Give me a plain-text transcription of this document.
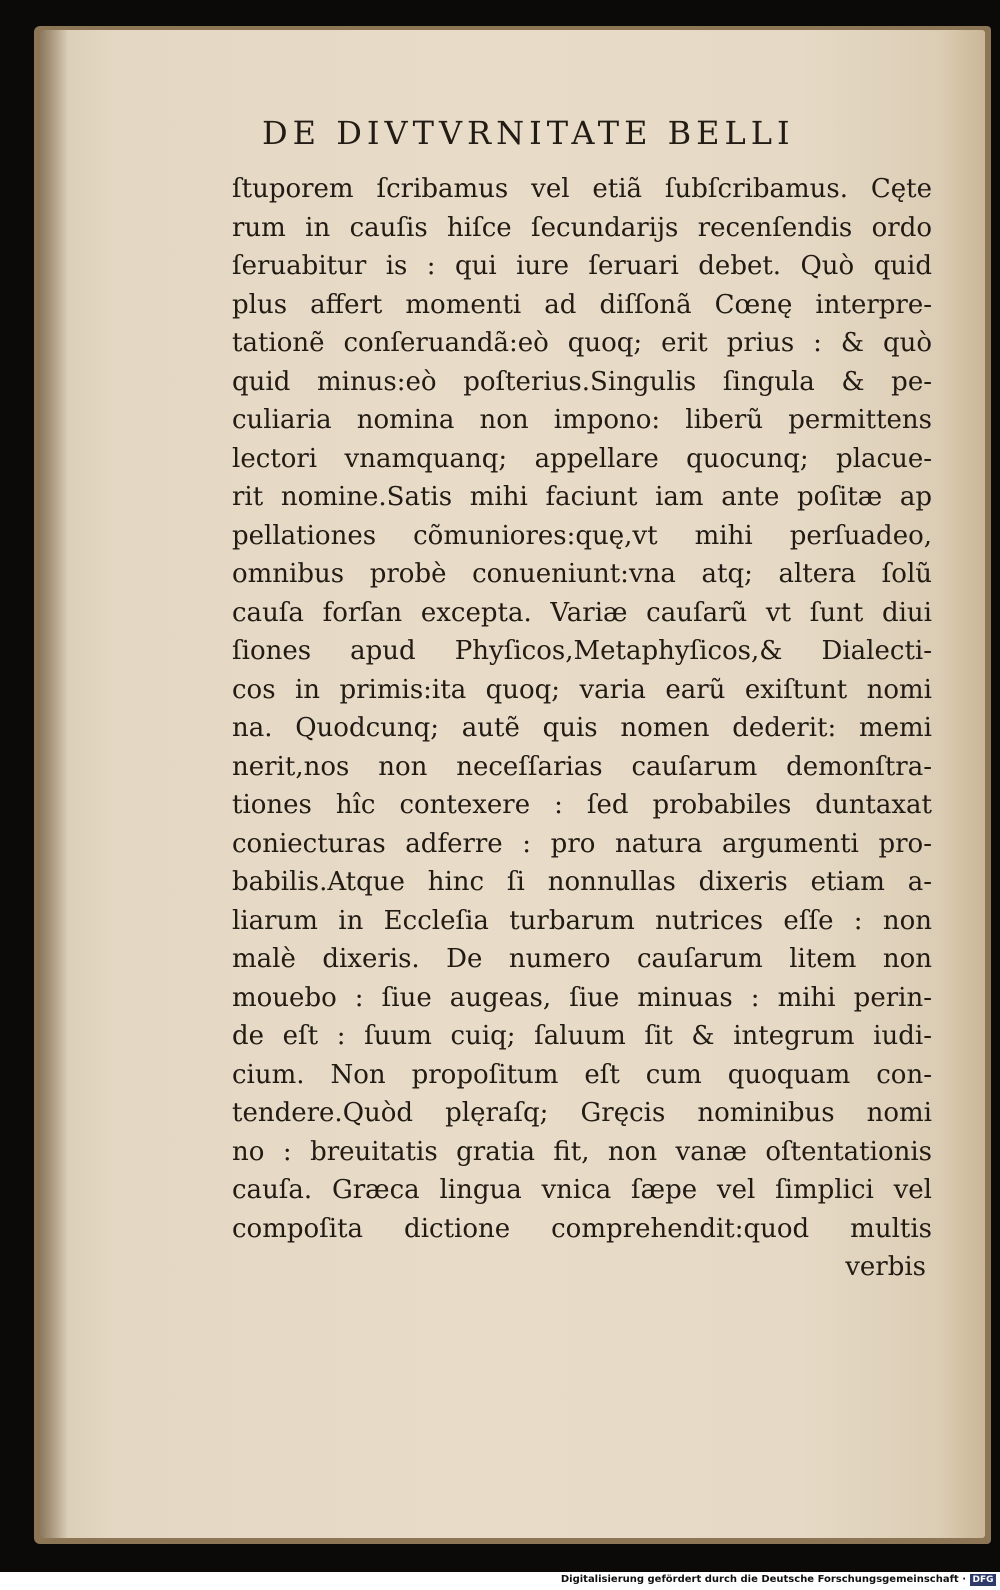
DE DIVTVRNITATE BELLI
ſtuporem ſcribamus vel etiã ſubſcribamus. Cęte
rum in cauſis hiſce ſecundarijs recenſendis ordo
ſeruabitur is : qui iure ſeruari debet. Quò quid
plus affert momenti ad diſſonã Cœnę interpre-
tationẽ conſeruandã:eò quoq; erit prius : & quò
quid minus:eò poſterius.Singulis ſingula & pe-
culiaria nomina non impono: liberũ permittens
lectori vnamquanq; appellare quocunq; placue-
rit nomine.Satis mihi faciunt iam ante poſitæ ap
pellationes cõmuniores:quę,vt mihi perſuadeo,
omnibus probè conueniunt:vna atq; altera ſolũ
cauſa forſan excepta. Variæ cauſarũ vt ſunt diui
ſiones apud Phyſicos,Metaphyſicos,& Dialecti-
cos in primis:ita quoq; varia earũ exiſtunt nomi
na. Quodcunq; autẽ quis nomen dederit: memi
nerit,nos non neceſſarias cauſarum demonſtra-
tiones hîc contexere : ſed probabiles duntaxat
coniecturas adferre : pro natura argumenti pro-
babilis.Atque hinc ſi nonnullas dixeris etiam a-
liarum in Eccleſia turbarum nutrices eſſe : non
malè dixeris. De numero cauſarum litem non
mouebo : ſiue augeas, ſiue minuas : mihi perin-
de eſt : ſuum cuiq; ſaluum ſit & integrum iudi-
cium. Non propoſitum eſt cum quoquam con-
tendere.Quòd plęraſq; Gręcis nominibus nomi
no : breuitatis gratia fit, non vanæ oſtentationis
cauſa. Græca lingua vnica ſæpe vel ſimplici vel
compoſita dictione comprehendit:quod multis
verbis

Digitalisierung gefördert durch die Deutsche Forschungsgemeinschaft · DFG
